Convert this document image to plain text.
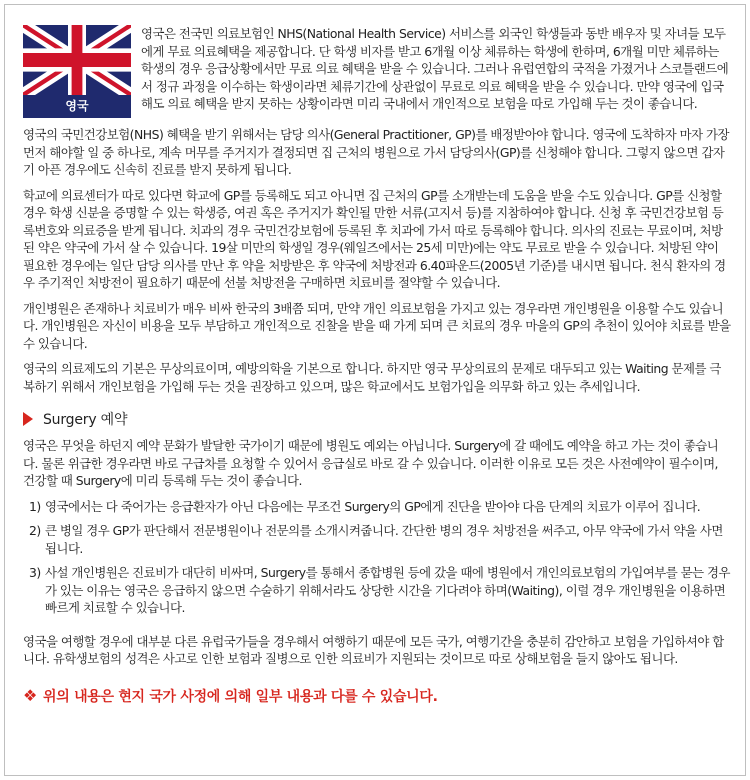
영국

영국은 전국민 의료보험인 NHS(National Health Service) 서비스를 외국인 학생들과 동반 배우자 및 자녀들 모두에게 무료 의료혜택을 제공합니다. 단 학생 비자를 받고 6개월 이상 체류하는 학생에 한하며, 6개월 미만 체류하는 학생의 경우 응급상황에서만 무료 의료 혜택을 받을 수 있습니다. 그러나 유럽연합의 국적을 가졌거나 스코틀랜드에서 정규 과정을 이수하는 학생이라면 체류기간에 상관없이 무료로 의료 혜택을 받을 수 있습니다. 만약 영국에 입국해도 의료 혜택을 받지 못하는 상황이라면 미리 국내에서 개인적으로 보험을 따로 가입해 두는 것이 좋습니다.

영국의 국민건강보험(NHS) 혜택을 받기 위해서는 담당 의사(General Practitioner, GP)를 배정받아야 합니다. 영국에 도착하자 마자 가장 먼저 해야할 일 중 하나로, 계속 머무를 주거지가 결정되면 집 근처의 병원으로 가서 담당의사(GP)를 신청해야 합니다. 그렇지 않으면 갑자기 아픈 경우에도 신속히 진료를 받지 못하게 됩니다.

학교에 의료센터가 따로 있다면 학교에 GP를 등록해도 되고 아니면 집 근처의 GP를 소개받는데 도움을 받을 수도 있습니다. GP를 신청할 경우 학생 신분을 증명할 수 있는 학생증, 여권 혹은 주거지가 확인될 만한 서류(고지서 등)를 지참하여야 합니다. 신청 후 국민건강보험 등록번호와 의료증을 받게 됩니다. 치과의 경우 국민건강보험에 등록된 후 치과에 가서 따로 등록해야 합니다. 의사의 진료는 무료이며, 처방된 약은 약국에 가서 살 수 있습니다. 19살 미만의 학생일 경우(웨일즈에서는 25세 미만)에는 약도 무료로 받을 수 있습니다. 처방된 약이 필요한 경우에는 일단 담당 의사를 만난 후 약을 처방받은 후 약국에 처방전과 6.40파운드(2005년 기준)를 내시면 됩니다. 천식 환자의 경우 주기적인 처방전이 필요하기 때문에 선불 처방전을 구매하면 치료비를 절약할 수 있습니다.

개인병원은 존재하나 치료비가 매우 비싸 한국의 3배쯤 되며, 만약 개인 의료보험을 가지고 있는 경우라면 개인병원을 이용할 수도 있습니다. 개인병원은 자신이 비용을 모두 부담하고 개인적으로 진찰을 받을 때 가게 되며 큰 치료의 경우 마을의 GP의 추천이 있어야 치료를 받을 수 있습니다.

영국의 의료제도의 기본은 무상의료이며, 예방의학을 기본으로 합니다. 하지만 영국 무상의료의 문제로 대두되고 있는 Waiting 문제를 극복하기 위해서 개인보험을 가입해 두는 것을 권장하고 있으며, 많은 학교에서도 보험가입을 의무화 하고 있는 추세입니다.

Surgery 예약

영국은 무엇을 하던지 예약 문화가 발달한 국가이기 때문에 병원도 예외는 아닙니다. Surgery에 갈 때에도 예약을 하고 가는 것이 좋습니다. 물론 위급한 경우라면 바로 구급차를 요청할 수 있어서 응급실로 바로 갈 수 있습니다. 이러한 이유로 모든 것은 사전예약이 필수이며, 건강할 때 Surgery에 미리 등록해 두는 것이 좋습니다.

1) 영국에서는 다 죽어가는 응급환자가 아닌 다음에는 무조건 Surgery의 GP에게 진단을 받아야 다음 단계의 치료가 이루어 집니다.
2) 큰 병일 경우 GP가 판단해서 전문병원이나 전문의를 소개시켜줍니다. 간단한 병의 경우 처방전을 써주고, 아무 약국에 가서 약을 사면 됩니다.
3) 사설 개인병원은 진료비가 대단히 비싸며, Surgery를 통해서 종합병원 등에 갔을 때에 병원에서 개인의료보험의 가입여부를 묻는 경우가 있는 이유는 영국은 응급하지 않으면 수술하기 위해서라도 상당한 시간을 기다려야 하며(Waiting), 이럴 경우 개인병원을 이용하면 빠르게 치료할 수 있습니다.

영국을 여행할 경우에 대부분 다른 유럽국가들을 경우해서 여행하기 때문에 모든 국가, 여행기간을 충분히 감안하고 보험을 가입하셔야 합니다. 유학생보험의 성격은 사고로 인한 보험과 질병으로 인한 의료비가 지원되는 것이므로 따로 상해보험을 들지 않아도 됩니다.

❖ 위의 내용은 현지 국가 사정에 의해 일부 내용과 다를 수 있습니다.
